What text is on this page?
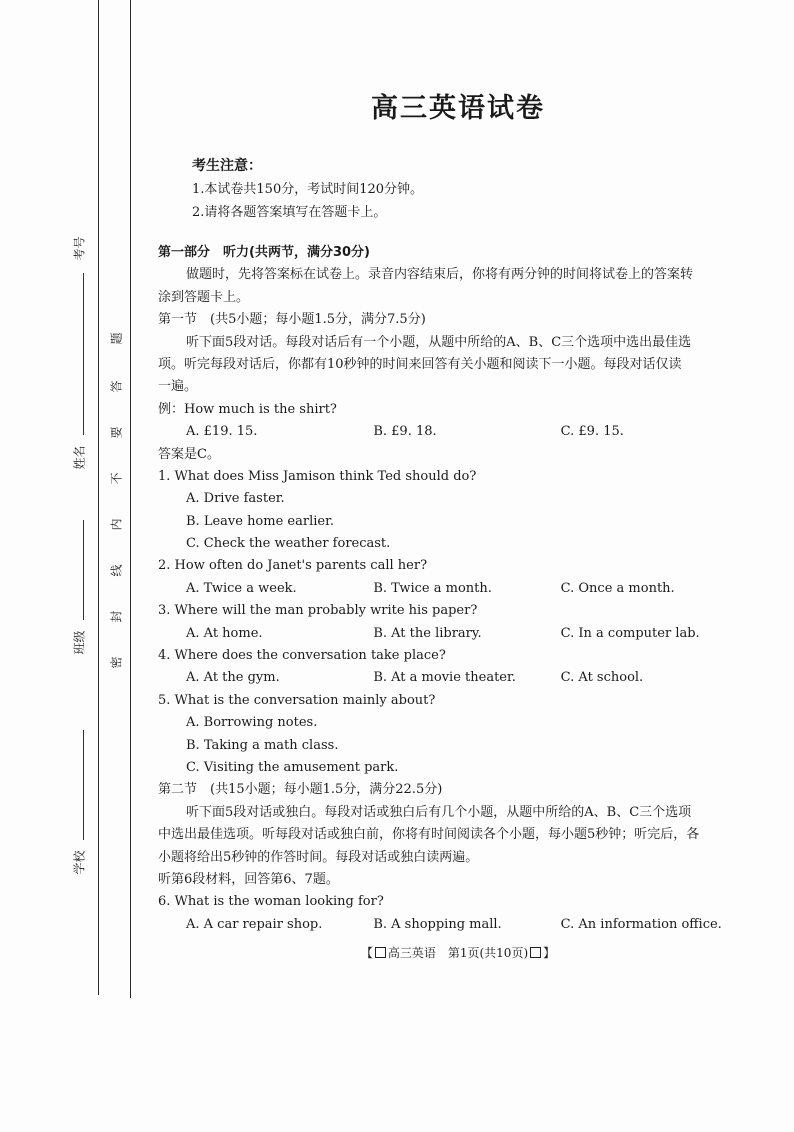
考号
姓名
班级
学校
题
答
要
不
内
线
封
密
高三英语试卷
考生注意：
1.本试卷共150分，考试时间120分钟。
2.请将各题答案填写在答题卡上。
第一部分　听力(共两节，满分30分)
做题时，先将答案标在试卷上。录音内容结束后，你将有两分钟的时间将试卷上的答案转
涂到答题卡上。
第一节　(共5小题；每小题1.5分，满分7.5分)
听下面5段对话。每段对话后有一个小题，从题中所给的A、B、C三个选项中选出最佳选
项。听完每段对话后，你都有10秒钟的时间来回答有关小题和阅读下一小题。每段对话仅读
一遍。
例：How much is the shirt?
A. £19. 15.	B. £9. 18.	C. £9. 15.
答案是C。
1. What does Miss Jamison think Ted should do?
A. Drive faster.
B. Leave home earlier.
C. Check the weather forecast.
2. How often do Janet's parents call her?
A. Twice a week.	B. Twice a month.	C. Once a month.
3. Where will the man probably write his paper?
A. At home.	B. At the library.	C. In a computer lab.
4. Where does the conversation take place?
A. At the gym.	B. At a movie theater.	C. At school.
5. What is the conversation mainly about?
A. Borrowing notes.
B. Taking a math class.
C. Visiting the amusement park.
第二节　(共15小题；每小题1.5分，满分22.5分)
听下面5段对话或独白。每段对话或独白后有几个小题，从题中所给的A、B、C三个选项
中选出最佳选项。听每段对话或独白前，你将有时间阅读各个小题，每小题5秒钟；听完后，各
小题将给出5秒钟的作答时间。每段对话或独白读两遍。
听第6段材料，回答第6、7题。
6. What is the woman looking for?
A. A car repair shop.	B. A shopping mall.	C. An information office.
【 高三英语　第1页(共10页) 】
